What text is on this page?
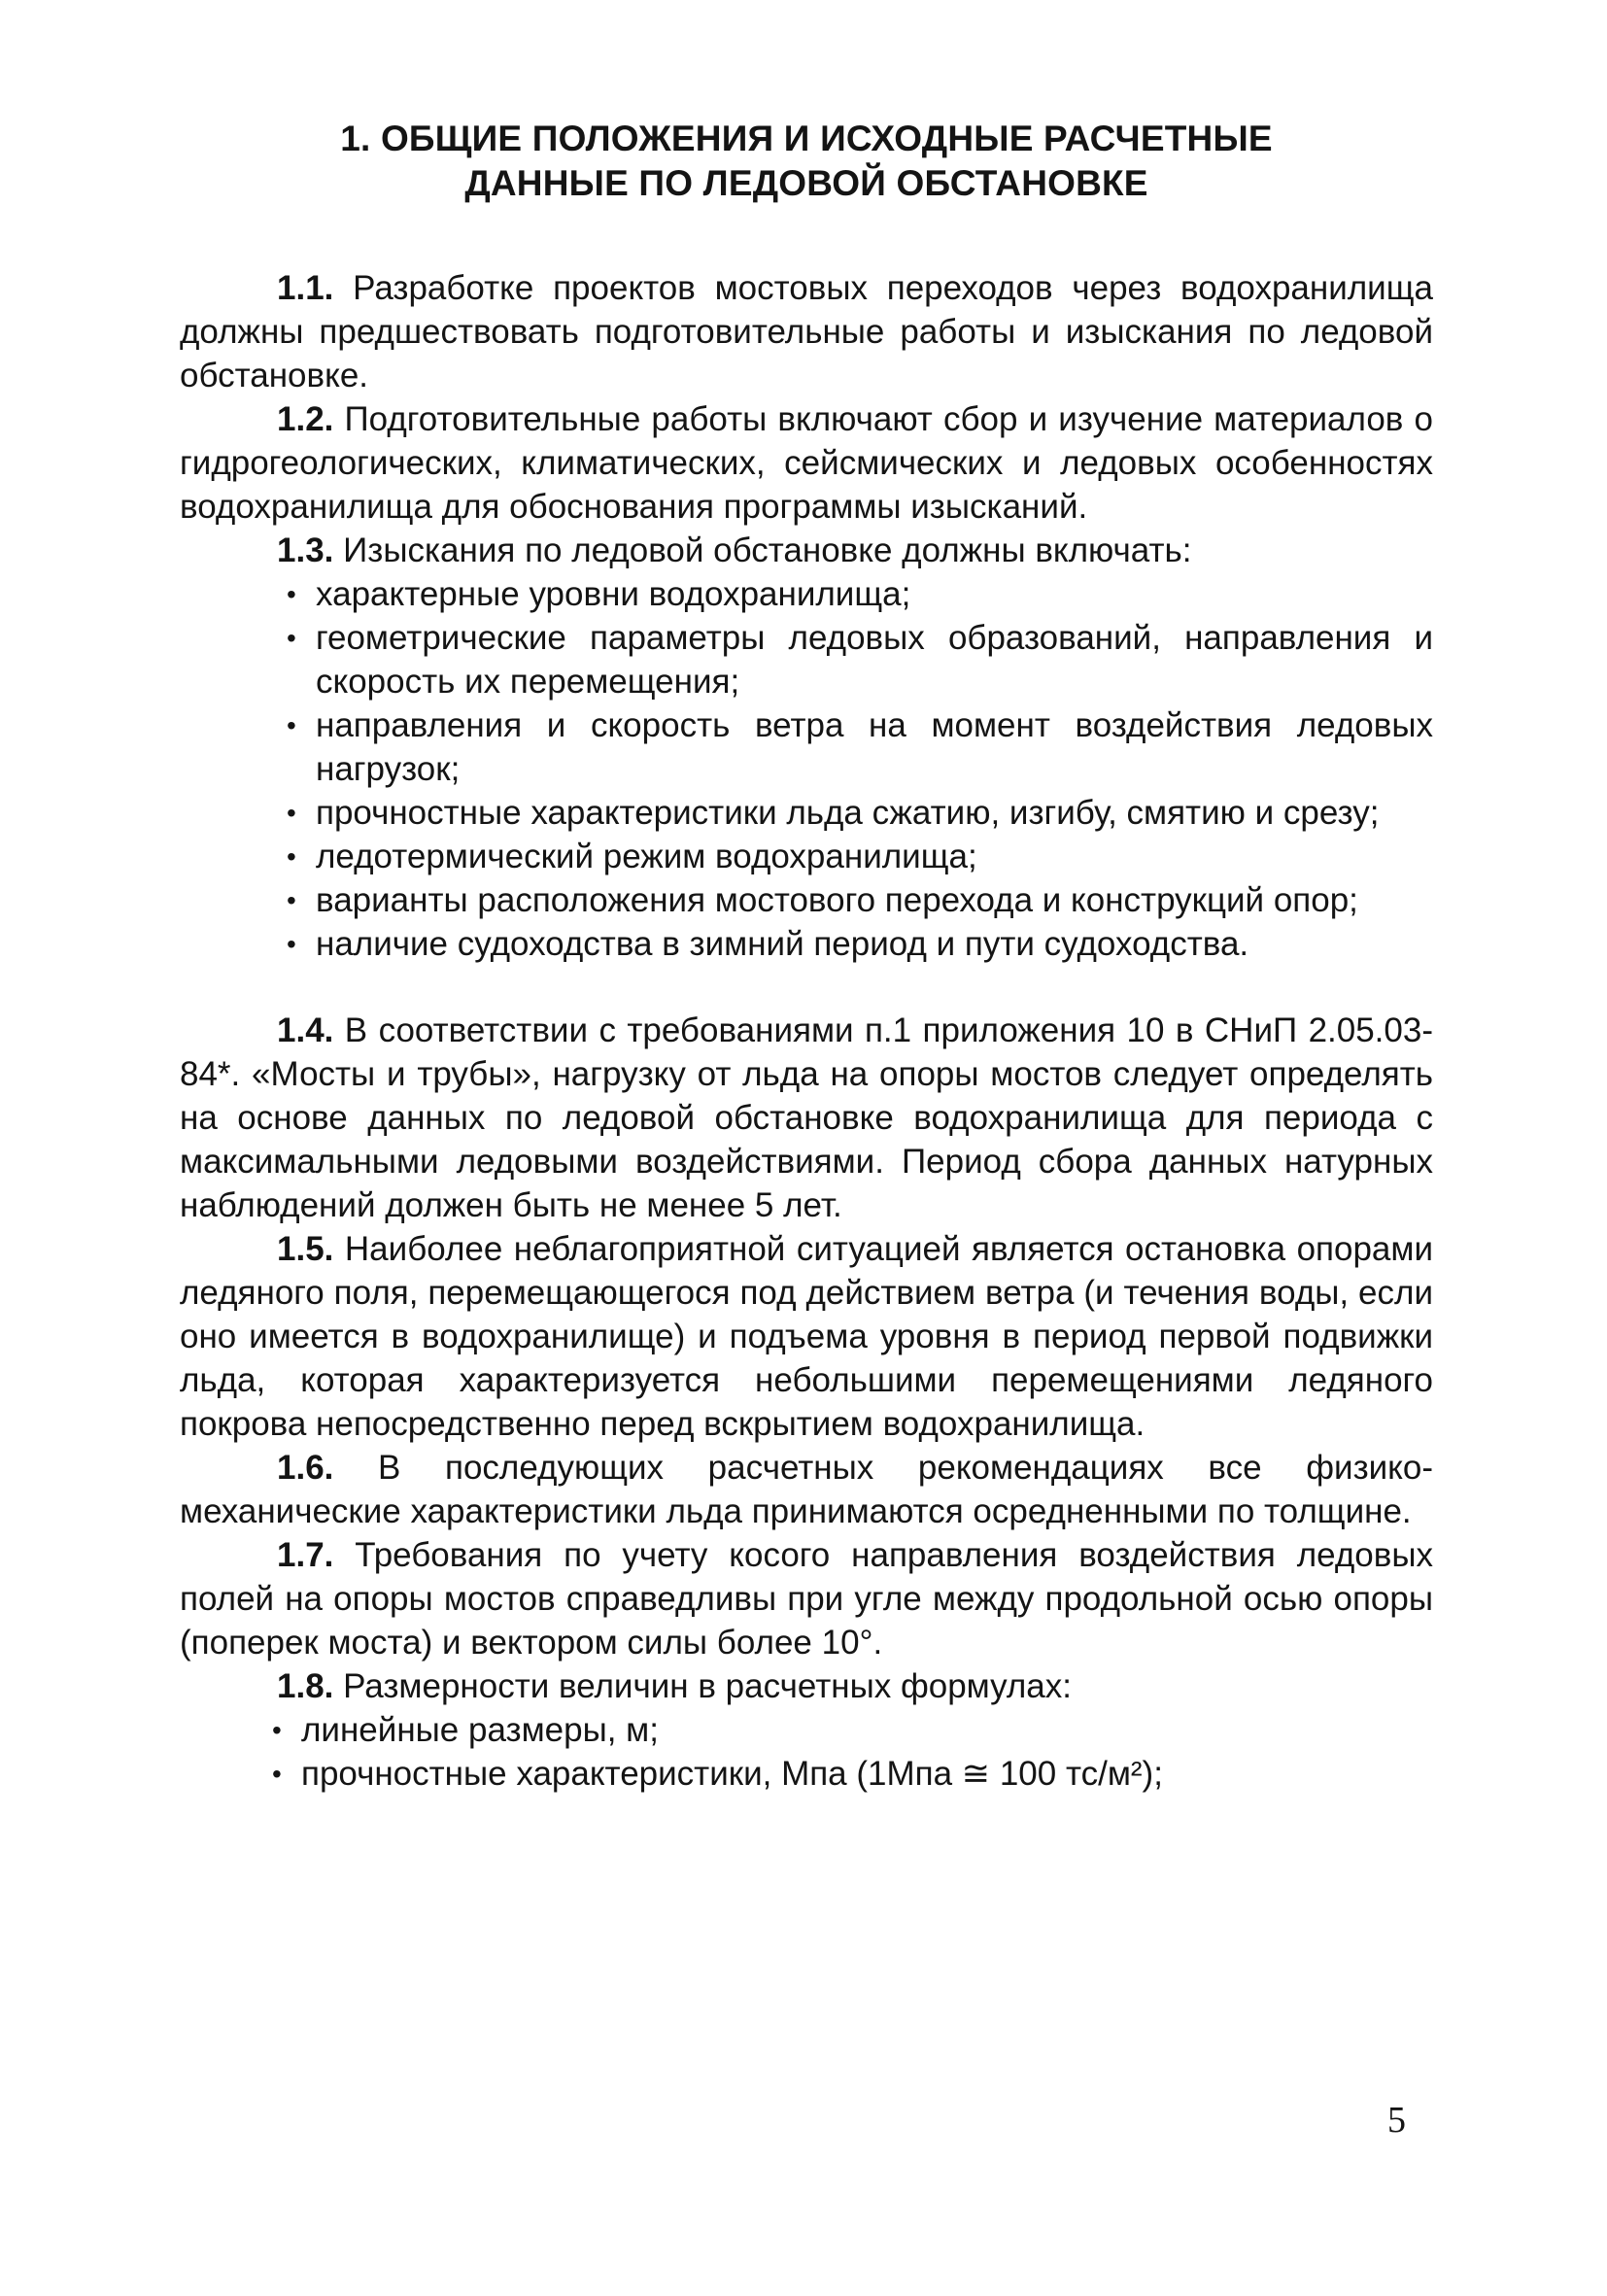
1. ОБЩИЕ ПОЛОЖЕНИЯ И ИСХОДНЫЕ РАСЧЕТНЫЕ
ДАННЫЕ ПО ЛЕДОВОЙ ОБСТАНОВКЕ

1.1. Разработке проектов мостовых переходов через водохранилища должны предшествовать подготовительные работы и изыскания по ледовой обстановке.

1.2. Подготовительные работы включают сбор и изучение материалов о гидрогеологических, климатических, сейсмических и ледовых особенностях водохранилища для обоснования программы изысканий.

1.3. Изыскания по ледовой обстановке должны включать:

• характерные уровни водохранилища;
• геометрические параметры ледовых образований, направления и скорость их перемещения;
• направления и скорость ветра на момент воздействия ледовых нагрузок;
• прочностные характеристики льда сжатию, изгибу, смятию и срезу;
• ледотермический режим водохранилища;
• варианты расположения мостового перехода и конструкций опор;
• наличие судоходства в зимний период и пути судоходства.

1.4. В соответствии с требованиями п.1 приложения 10 в СНиП 2.05.03-84*. «Мосты и трубы», нагрузку от льда на опоры мостов следует определять на основе данных по ледовой обстановке водохранилища для периода с максимальными ледовыми воздействиями. Период сбора данных натурных наблюдений должен быть не менее 5 лет.

1.5. Наиболее неблагоприятной ситуацией является остановка опорами ледяного поля, перемещающегося под действием ветра (и течения воды, если оно имеется в водохранилище) и подъема уровня в период первой подвижки льда, которая характеризуется небольшими перемещениями ледяного покрова непосредственно перед вскрытием водохранилища.

1.6. В последующих расчетных рекомендациях все физико-механические характеристики льда принимаются осредненными по толщине.

1.7. Требования по учету косого направления воздействия ледовых полей на опоры мостов справедливы при угле между продольной осью опоры (поперек моста) и вектором силы более 10°.

1.8. Размерности величин в расчетных формулах:

• линейные размеры, м;
• прочностные характеристики, Мпа (1Мпа ≅ 100 тс/м²);
5
